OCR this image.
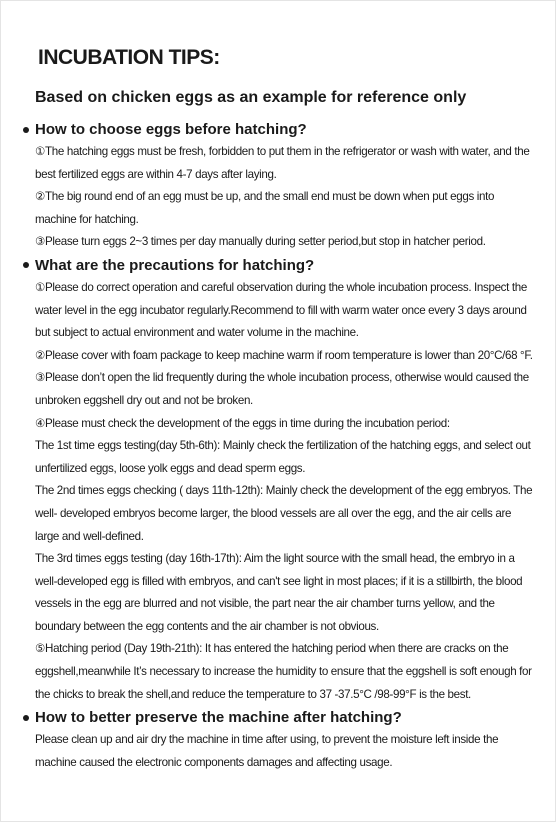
INCUBATION TIPS:
Based on chicken eggs as an example for reference only
How to choose eggs before hatching?

①The hatching eggs must be fresh, forbidden to put them in the refrigerator or wash with water, and the best fertilized eggs are within 4-7 days after laying.

②The big round end of an egg must be up, and the small end must be down when put eggs into machine for hatching.

③Please turn eggs 2~3 times per day manually during setter period,but stop in hatcher period.

What are the precautions for hatching?

①Please do correct operation and careful observation during the whole incubation process. Inspect the water level in the egg incubator regularly.Recommend to fill with warm water once every 3 days around but subject to actual environment and water volume in the machine.

②Please cover with foam package to keep machine warm if room temperature is lower than 20°C/68 °F.

③Please don’t open the lid frequently during the whole incubation process, otherwise would caused the unbroken eggshell dry out and not be broken.

④Please must check the development of the eggs in time during the incubation period:

The 1st time eggs testing(day 5th-6th): Mainly check the fertilization of the hatching eggs, and select out unfertilized eggs, loose yolk eggs and dead sperm eggs.

The 2nd times eggs checking ( days 11th-12th): Mainly check the development of the egg embryos. The well- developed embryos become larger, the blood vessels are all over the egg, and the air cells are large and well-defined.

The 3rd times eggs testing (day 16th-17th): Aim the light source with the small head, the embryo in a well-developed egg is filled with embryos, and can't see light in most places; if it is a stillbirth, the blood vessels in the egg are blurred and not visible, the part near the air chamber turns yellow, and the boundary between the egg contents and the air chamber is not obvious.

⑤Hatching period (Day 19th-21th): It has entered the hatching period when there are cracks on the eggshell,meanwhile It’s necessary to increase the humidity to ensure that the eggshell is soft enough for the chicks to break the shell,and reduce the temperature to 37 -37.5°C /98-99°F is the best.

How to better preserve the machine after hatching?

Please clean up and air dry the machine in time after using, to prevent the moisture left inside the machine caused the electronic components damages and affecting usage.
